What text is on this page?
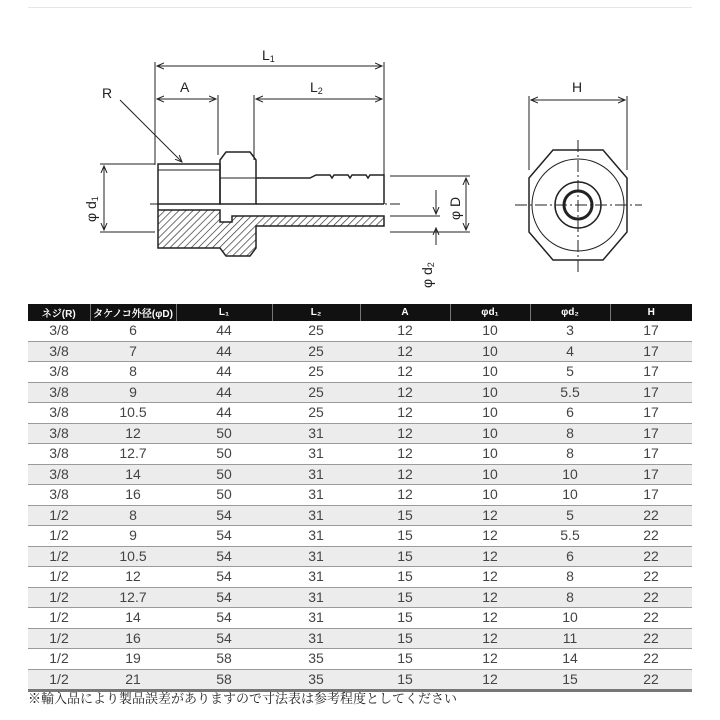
L1
A	L2
R	H
φ d1	φ D
φ d2
ネジ(R)	タケノコ外径(φD)	L₁	L₂	A	φd₁	φd₂	H
3/8	6	44	25	12	10	3	17
3/8	7	44	25	12	10	4	17
3/8	8	44	25	12	10	5	17
3/8	9	44	25	12	10	5.5	17
3/8	10.5	44	25	12	10	6	17
3/8	12	50	31	12	10	8	17
3/8	12.7	50	31	12	10	8	17
3/8	14	50	31	12	10	10	17
3/8	16	50	31	12	10	10	17
1/2	8	54	31	15	12	5	22
1/2	9	54	31	15	12	5.5	22
1/2	10.5	54	31	15	12	6	22
1/2	12	54	31	15	12	8	22
1/2	12.7	54	31	15	12	8	22
1/2	14	54	31	15	12	10	22
1/2	16	54	31	15	12	11	22
1/2	19	58	35	15	12	14	22
1/2	21	58	35	15	12	15	22
※輸入品により製品誤差がありますので寸法表は参考程度としてください
